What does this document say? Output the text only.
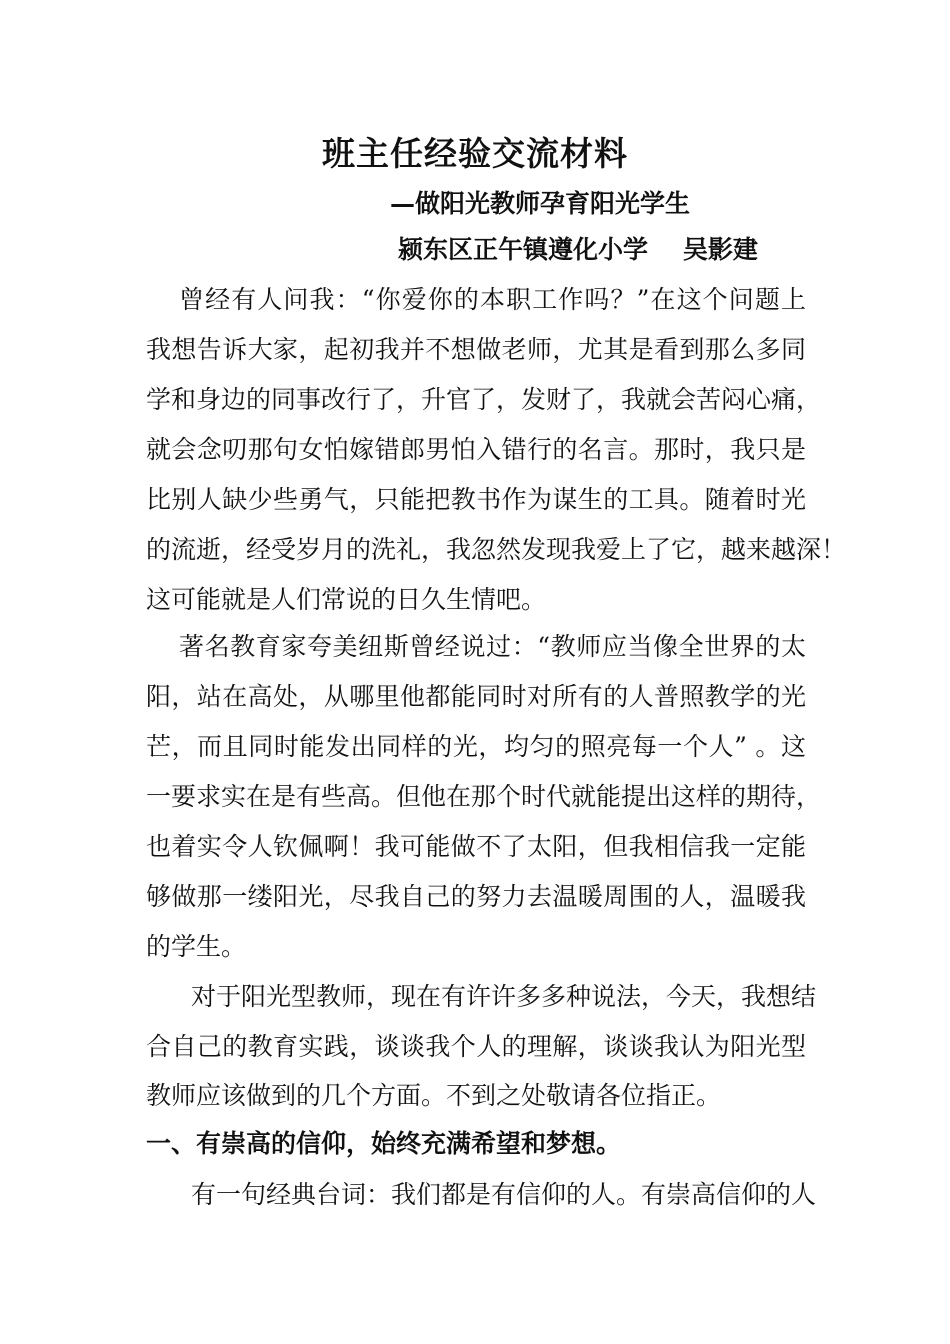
班主任经验交流材料
—做阳光教师孕育阳光学生
颍东区正午镇遵化小学    吴影建
曾经有人问我：“你爱你的本职工作吗？”在这个问题上
我想告诉大家，起初我并不想做老师，尤其是看到那么多同
学和身边的同事改行了，升官了，发财了，我就会苦闷心痛，
就会念叨那句女怕嫁错郎男怕入错行的名言。那时，我只是
比别人缺少些勇气，只能把教书作为谋生的工具。随着时光
的流逝，经受岁月的洗礼，我忽然发现我爱上了它，越来越深！
这可能就是人们常说的日久生情吧。
著名教育家夸美纽斯曾经说过：“教师应当像全世界的太
阳，站在高处，从哪里他都能同时对所有的人普照教学的光
芒，而且同时能发出同样的光，均匀的照亮每一个人” 。这
一要求实在是有些高。但他在那个时代就能提出这样的期待，
也着实令人钦佩啊！我可能做不了太阳，但我相信我一定能
够做那一缕阳光，尽我自己的努力去温暖周围的人，温暖我
的学生。
对于阳光型教师，现在有许许多多种说法，今天，我想结
合自己的教育实践，谈谈我个人的理解，谈谈我认为阳光型
教师应该做到的几个方面。不到之处敬请各位指正。
一、有崇高的信仰，始终充满希望和梦想。
有一句经典台词：我们都是有信仰的人。有崇高信仰的人
